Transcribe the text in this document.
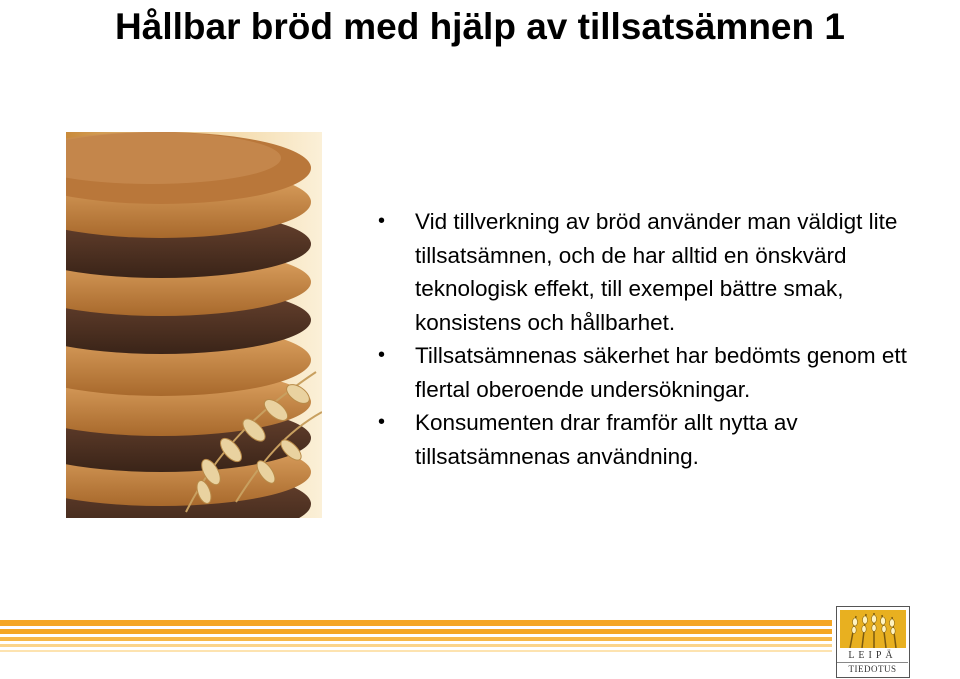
Hållbar bröd med hjälp av tillsatsämnen 1
• Vid tillverkning av bröd använder man väldigt lite tillsatsämnen, och de har alltid en önskvärd teknologisk effekt, till exempel bättre smak, konsistens och hållbarhet.
• Tillsatsämnenas säkerhet har bedömts genom ett flertal oberoende undersökningar.
• Konsumenten drar framför allt nytta av tillsatsämnenas användning.
LEIPÄ
TIEDOTUS
